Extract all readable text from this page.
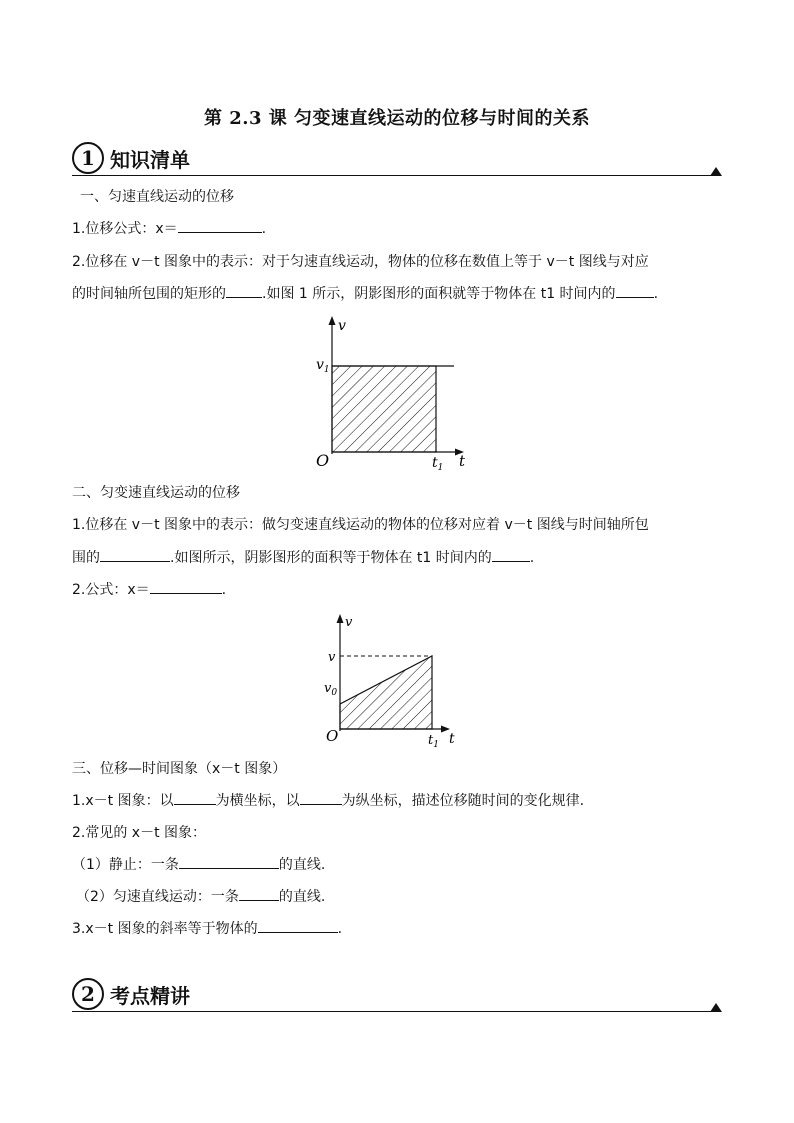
第 2.3 课 匀变速直线运动的位移与时间的关系
1 知识清单
一、匀速直线运动的位移
1.位移公式：x＝	.
2.位移在 v－t 图象中的表示：对于匀速直线运动，物体的位移在数值上等于 v－t 图线与对应
的时间轴所包围的矩形的	.如图 1 所示，阴影图形的面积就等于物体在 t1 时间内的	.
v
$v_1$
O	$t_1$ t
二、匀变速直线运动的位移
1.位移在 v－t 图象中的表示：做匀变速直线运动的物体的位移对应着 v－t 图线与时间轴所包
围的	.如图所示，阴影图形的面积等于物体在 t1 时间内的	.
2.公式：x＝	.
v
v
$v_0$
O	$t_1$ t
三、位移—时间图象（x－t 图象）
1.x－t 图象：以	为横坐标，以	为纵坐标，描述位移随时间的变化规律.
2.常见的 x－t 图象：
（1）静止：一条	的直线.
（2）匀速直线运动：一条	的直线.
3.x－t 图象的斜率等于物体的	.
2 考点精讲
